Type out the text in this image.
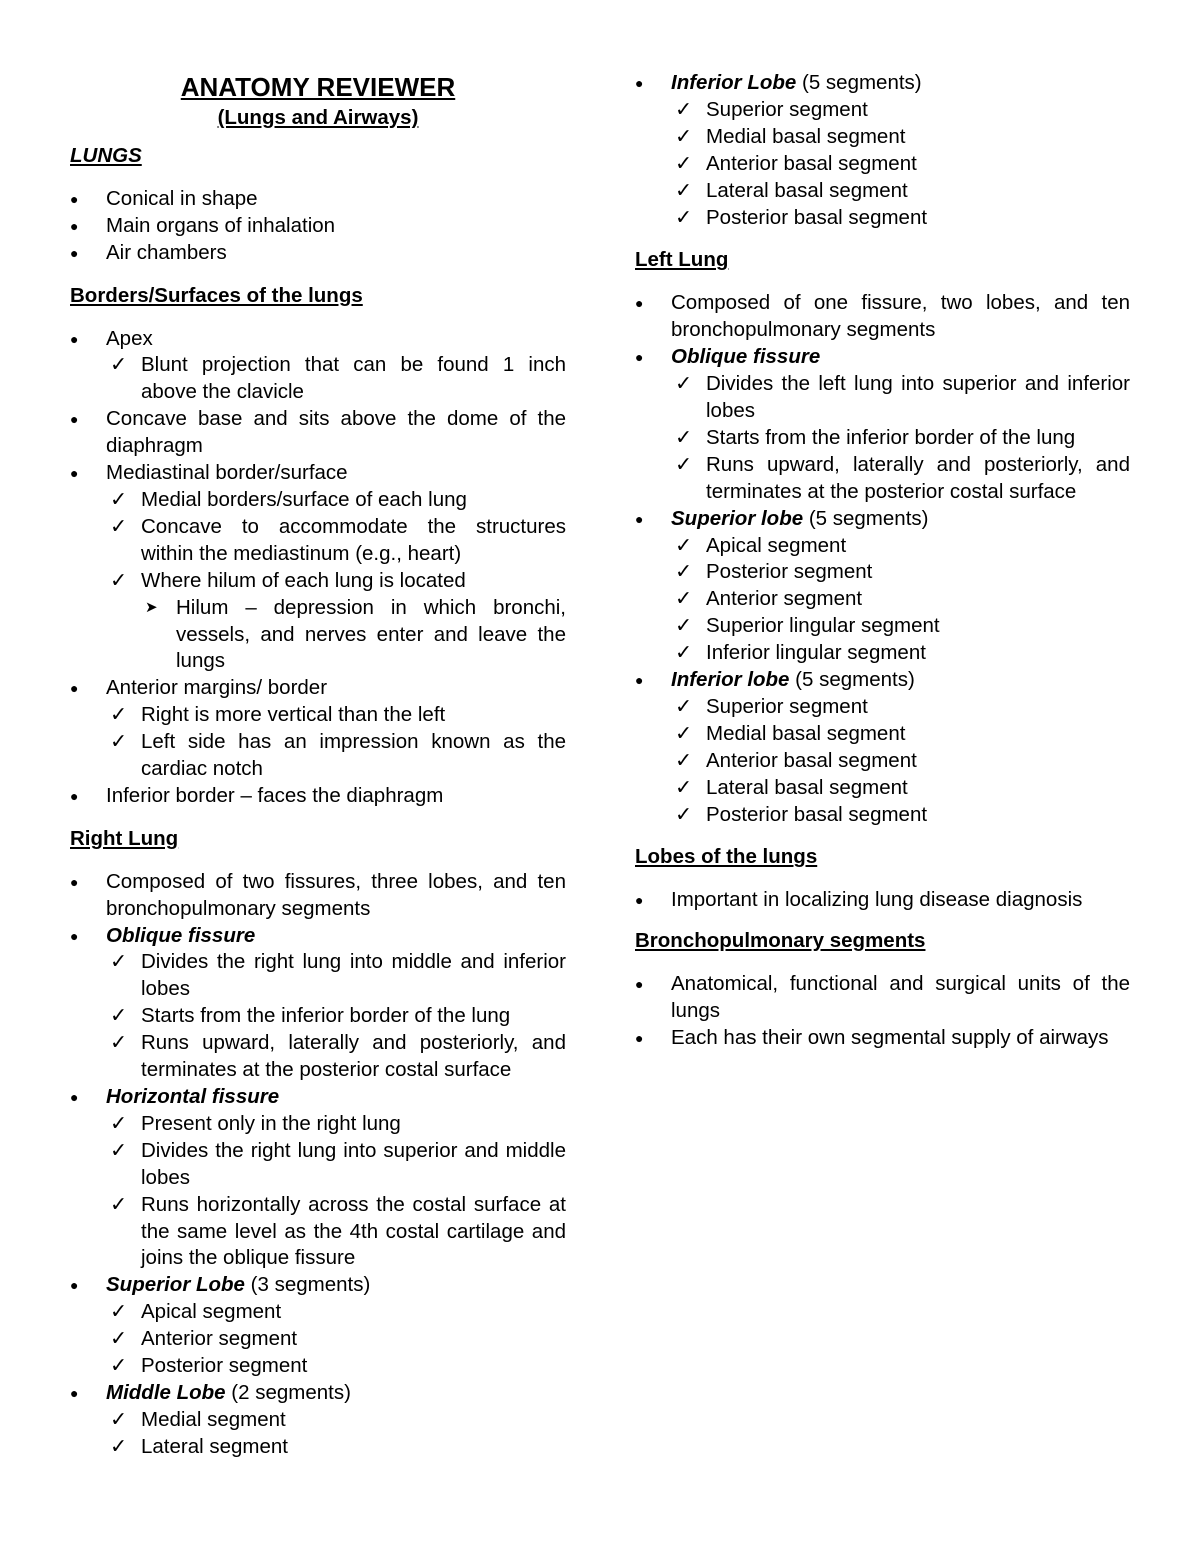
ANATOMY REVIEWER
(Lungs and Airways)
LUNGS
● Conical in shape
● Main organs of inhalation
● Air chambers
Borders/Surfaces of the lungs
● Apex
✓ Blunt projection that can be found 1 inch above the clavicle
● Concave base and sits above the dome of the diaphragm
● Mediastinal border/surface
✓ Medial borders/surface of each lung
✓ Concave to accommodate the structures within the mediastinum (e.g., heart)
✓ Where hilum of each lung is located
➤ Hilum – depression in which bronchi, vessels, and nerves enter and leave the lungs
● Anterior margins/ border
✓ Right is more vertical than the left
✓ Left side has an impression known as the cardiac notch
● Inferior border – faces the diaphragm
Right Lung
● Composed of two fissures, three lobes, and ten bronchopulmonary segments
● Oblique fissure
✓ Divides the right lung into middle and inferior lobes
✓ Starts from the inferior border of the lung
✓ Runs upward, laterally and posteriorly, and terminates at the posterior costal surface
● Horizontal fissure
✓ Present only in the right lung
✓ Divides the right lung into superior and middle lobes
✓ Runs horizontally across the costal surface at the same level as the 4th costal cartilage and joins the oblique fissure
● Superior Lobe (3 segments)
✓ Apical segment
✓ Anterior segment
✓ Posterior segment
● Middle Lobe (2 segments)
✓ Medial segment
✓ Lateral segment
● Inferior Lobe (5 segments)
✓ Superior segment
✓ Medial basal segment
✓ Anterior basal segment
✓ Lateral basal segment
✓ Posterior basal segment
Left Lung
● Composed of one fissure, two lobes, and ten bronchopulmonary segments
● Oblique fissure
✓ Divides the left lung into superior and inferior lobes
✓ Starts from the inferior border of the lung
✓ Runs upward, laterally and posteriorly, and terminates at the posterior costal surface
● Superior lobe (5 segments)
✓ Apical segment
✓ Posterior segment
✓ Anterior segment
✓ Superior lingular segment
✓ Inferior lingular segment
● Inferior lobe (5 segments)
✓ Superior segment
✓ Medial basal segment
✓ Anterior basal segment
✓ Lateral basal segment
✓ Posterior basal segment
Lobes of the lungs
● Important in localizing lung disease diagnosis
Bronchopulmonary segments
● Anatomical, functional and surgical units of the lungs
● Each has their own segmental supply of airways
